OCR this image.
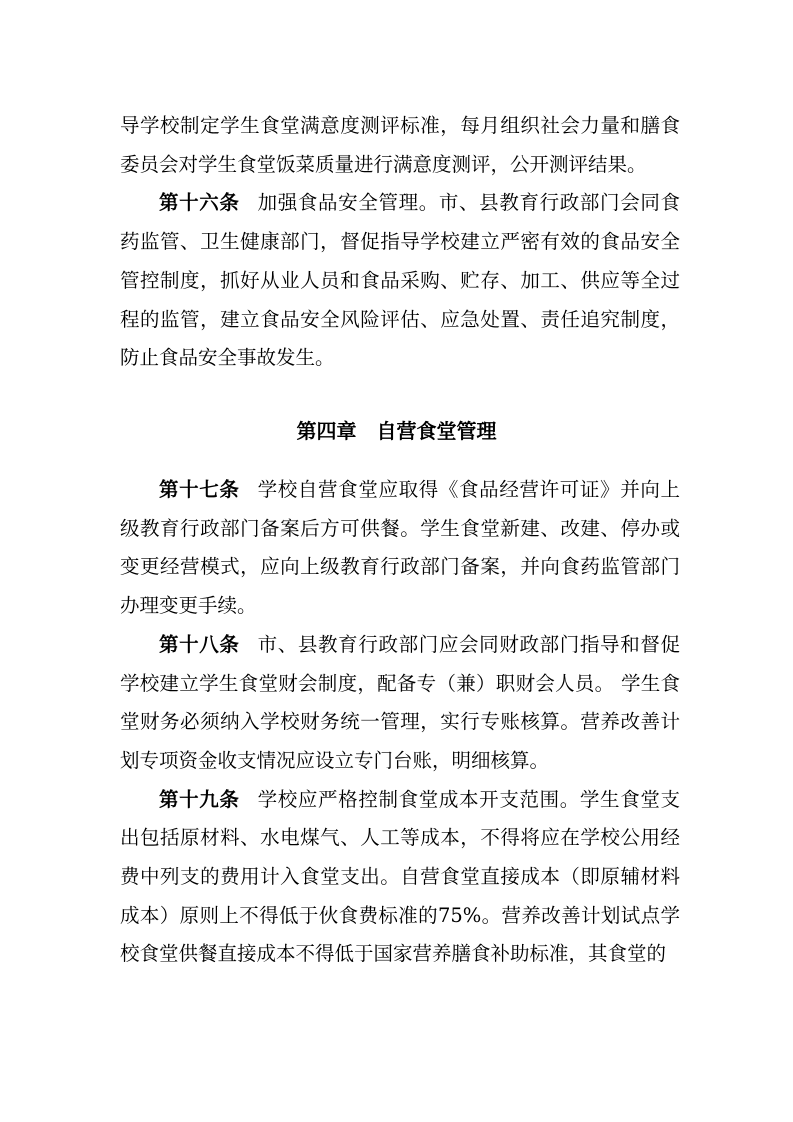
导学校制定学生食堂满意度测评标准，每月组织社会力量和膳食委员会对学生食堂饭菜质量进行满意度测评，公开测评结果。

第十六条 加强食品安全管理。市、县教育行政部门会同食药监管、卫生健康部门，督促指导学校建立严密有效的食品安全管控制度，抓好从业人员和食品采购、贮存、加工、供应等全过程的监管，建立食品安全风险评估、应急处置、责任追究制度，防止食品安全事故发生。

第四章 自营食堂管理

第十七条 学校自营食堂应取得《食品经营许可证》并向上级教育行政部门备案后方可供餐。学生食堂新建、改建、停办或变更经营模式，应向上级教育行政部门备案，并向食药监管部门办理变更手续。

第十八条 市、县教育行政部门应会同财政部门指导和督促学校建立学生食堂财会制度，配备专（兼）职财会人员。 学生食堂财务必须纳入学校财务统一管理，实行专账核算。营养改善计划专项资金收支情况应设立专门台账，明细核算。

第十九条 学校应严格控制食堂成本开支范围。学生食堂支出包括原材料、水电煤气、人工等成本，不得将应在学校公用经费中列支的费用计入食堂支出。自营食堂直接成本（即原辅材料成本）原则上不得低于伙食费标准的75%。营养改善计划试点学校食堂供餐直接成本不得低于国家营养膳食补助标准，其食堂的
